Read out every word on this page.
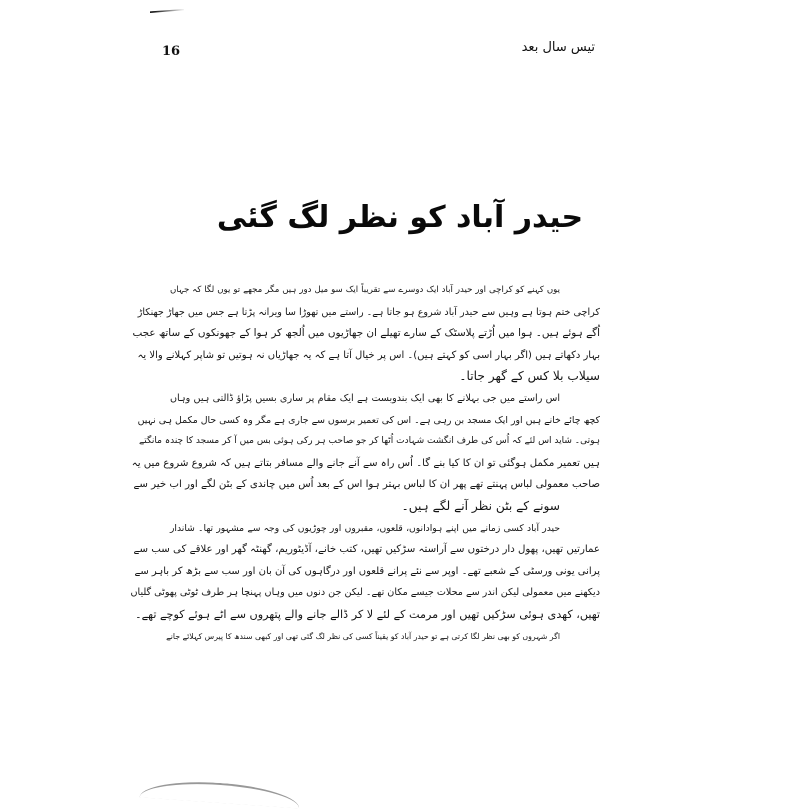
16	تیس سال بعد
حیدر آباد کو نظر لگ گئی

یوں کہنے کو کراچی اور حیدر آباد ایک دوسرے سے تقریباً ایک سو میل دور ہیں مگر مجھے تو یوں لگا کہ جہاں
کراچی ختم ہوتا ہے وہیں سے حیدر آباد شروع ہو جاتا ہے۔ راستے میں تھوڑا سا ویرانہ پڑتا ہے جس میں جھاڑ جھنکاڑ
اُگے ہوئے ہیں۔ ہوا میں اُڑتے پلاسٹک کے سارے تھیلے ان جھاڑیوں میں اُلجھ کر ہوا کے جھونکوں کے ساتھ عجب
بہار دکھاتے ہیں (اگر بہار اسی کو کہتے ہیں)۔ اس پر خیال آتا ہے کہ یہ جھاڑیاں نہ ہوتیں تو شاپر کہلانے والا یہ
سیلاب بلا کس کے گھر جاتا۔

اس راستے میں جی بہلانے کا بھی ایک بندوبست ہے ایک مقام پر ساری بسیں پڑاؤ ڈالتی ہیں وہاں
کچھ چائے خانے ہیں اور ایک مسجد بن رہی ہے۔ اس کی تعمیر برسوں سے جاری ہے مگر وہ کسی حال مکمل ہی نہیں
ہوتی۔ شاید اس لئے کہ اُس کی طرف انگشت شہادت اُٹھا کر جو صاحب ہر رکی ہوئی بس میں آ کر مسجد کا چندہ مانگتے
ہیں تعمیر مکمل ہوگئی تو ان کا کیا بنے گا۔ اُس راہ سے آنے جانے والے مسافر بتاتے ہیں کہ شروع شروع میں یہ
صاحب معمولی لباس پہنتے تھے پھر ان کا لباس بہتر ہوا اس کے بعد اُس میں چاندی کے بٹن لگے اور اب خیر سے
سونے کے بٹن نظر آنے لگے ہیں۔

حیدر آباد کسی زمانے میں اپنے ہوادانوں، قلعوں، مقبروں اور چوڑیوں کی وجہ سے مشہور تھا۔ شاندار
عمارتیں تھیں، پھول دار درختوں سے آراستہ سڑکیں تھیں، کتب خانے، آڈیٹوریم، گھنٹہ گھر اور علاقے کی سب سے
پرانی یونی ورسٹی کے شعبے تھے۔ اوپر سے نئے پرانے قلعوں اور درگاہوں کی آن بان اور سب سے بڑھ کر باہر سے
دیکھنے میں معمولی لیکن اندر سے محلات جیسے مکان تھے۔ لیکن جن دنوں میں وہاں پہنچا ہر طرف ٹوٹی پھوٹی گلیاں
تھیں، کھدی ہوئی سڑکیں تھیں اور مرمت کے لئے لا کر ڈالے جانے والے پتھروں سے اٹے ہوئے کوچے تھے۔

اگر شہروں کو بھی نظر لگا کرتی ہے تو حیدر آباد کو یقیناً کسی کی نظر لگ گئی تھی اور کبھی سندھ کا پیرس کہلائے جانے
